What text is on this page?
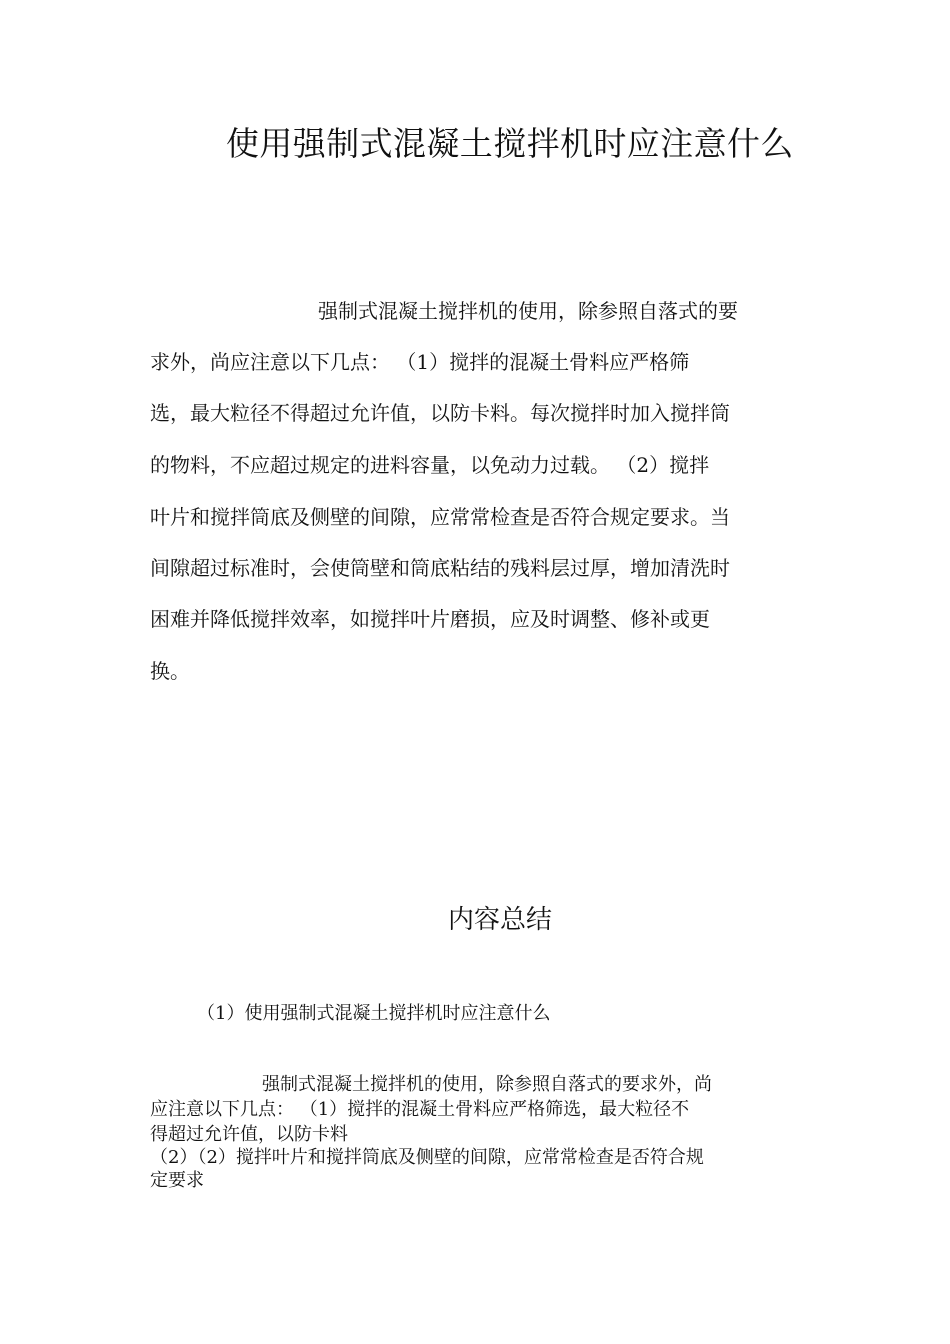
使用强制式混凝土搅拌机时应注意什么

强制式混凝土搅拌机的使用，除参照自落式的要

求外，尚应注意以下几点： （1）搅拌的混凝土骨料应严格筛

选，最大粒径不得超过允许值，以防卡料。每次搅拌时加入搅拌筒

的物料，不应超过规定的进料容量，以免动力过载。 （2）搅拌

叶片和搅拌筒底及侧壁的间隙，应常常检查是否符合规定要求。当

间隙超过标准时，会使筒壁和筒底粘结的残料层过厚，增加清洗时

困难并降低搅拌效率，如搅拌叶片磨损，应及时调整、修补或更

换。

内容总结

（1）使用强制式混凝土搅拌机时应注意什么

强制式混凝土搅拌机的使用，除参照自落式的要求外，尚

应注意以下几点： （1）搅拌的混凝土骨料应严格筛选，最大粒径不

得超过允许值，以防卡料

（2）（2）搅拌叶片和搅拌筒底及侧壁的间隙，应常常检查是否符合规

定要求
